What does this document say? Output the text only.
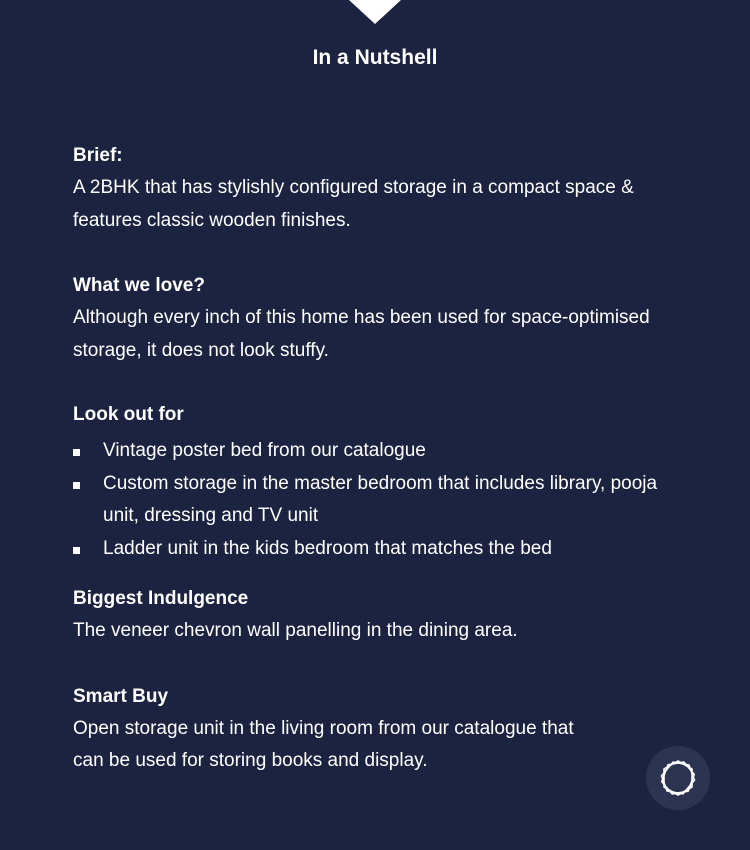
In a Nutshell
Brief:
A 2BHK that has stylishly configured storage in a compact space &
features classic wooden finishes.
What we love?
Although every inch of this home has been used for space-optimised
storage, it does not look stuffy.
Look out for
Vintage poster bed from our catalogue
Custom storage in the master bedroom that includes library, pooja
unit, dressing and TV unit
Ladder unit in the kids bedroom that matches the bed
Biggest Indulgence
The veneer chevron wall panelling in the dining area.
Smart Buy
Open storage unit in the living room from our catalogue that
can be used for storing books and display.
